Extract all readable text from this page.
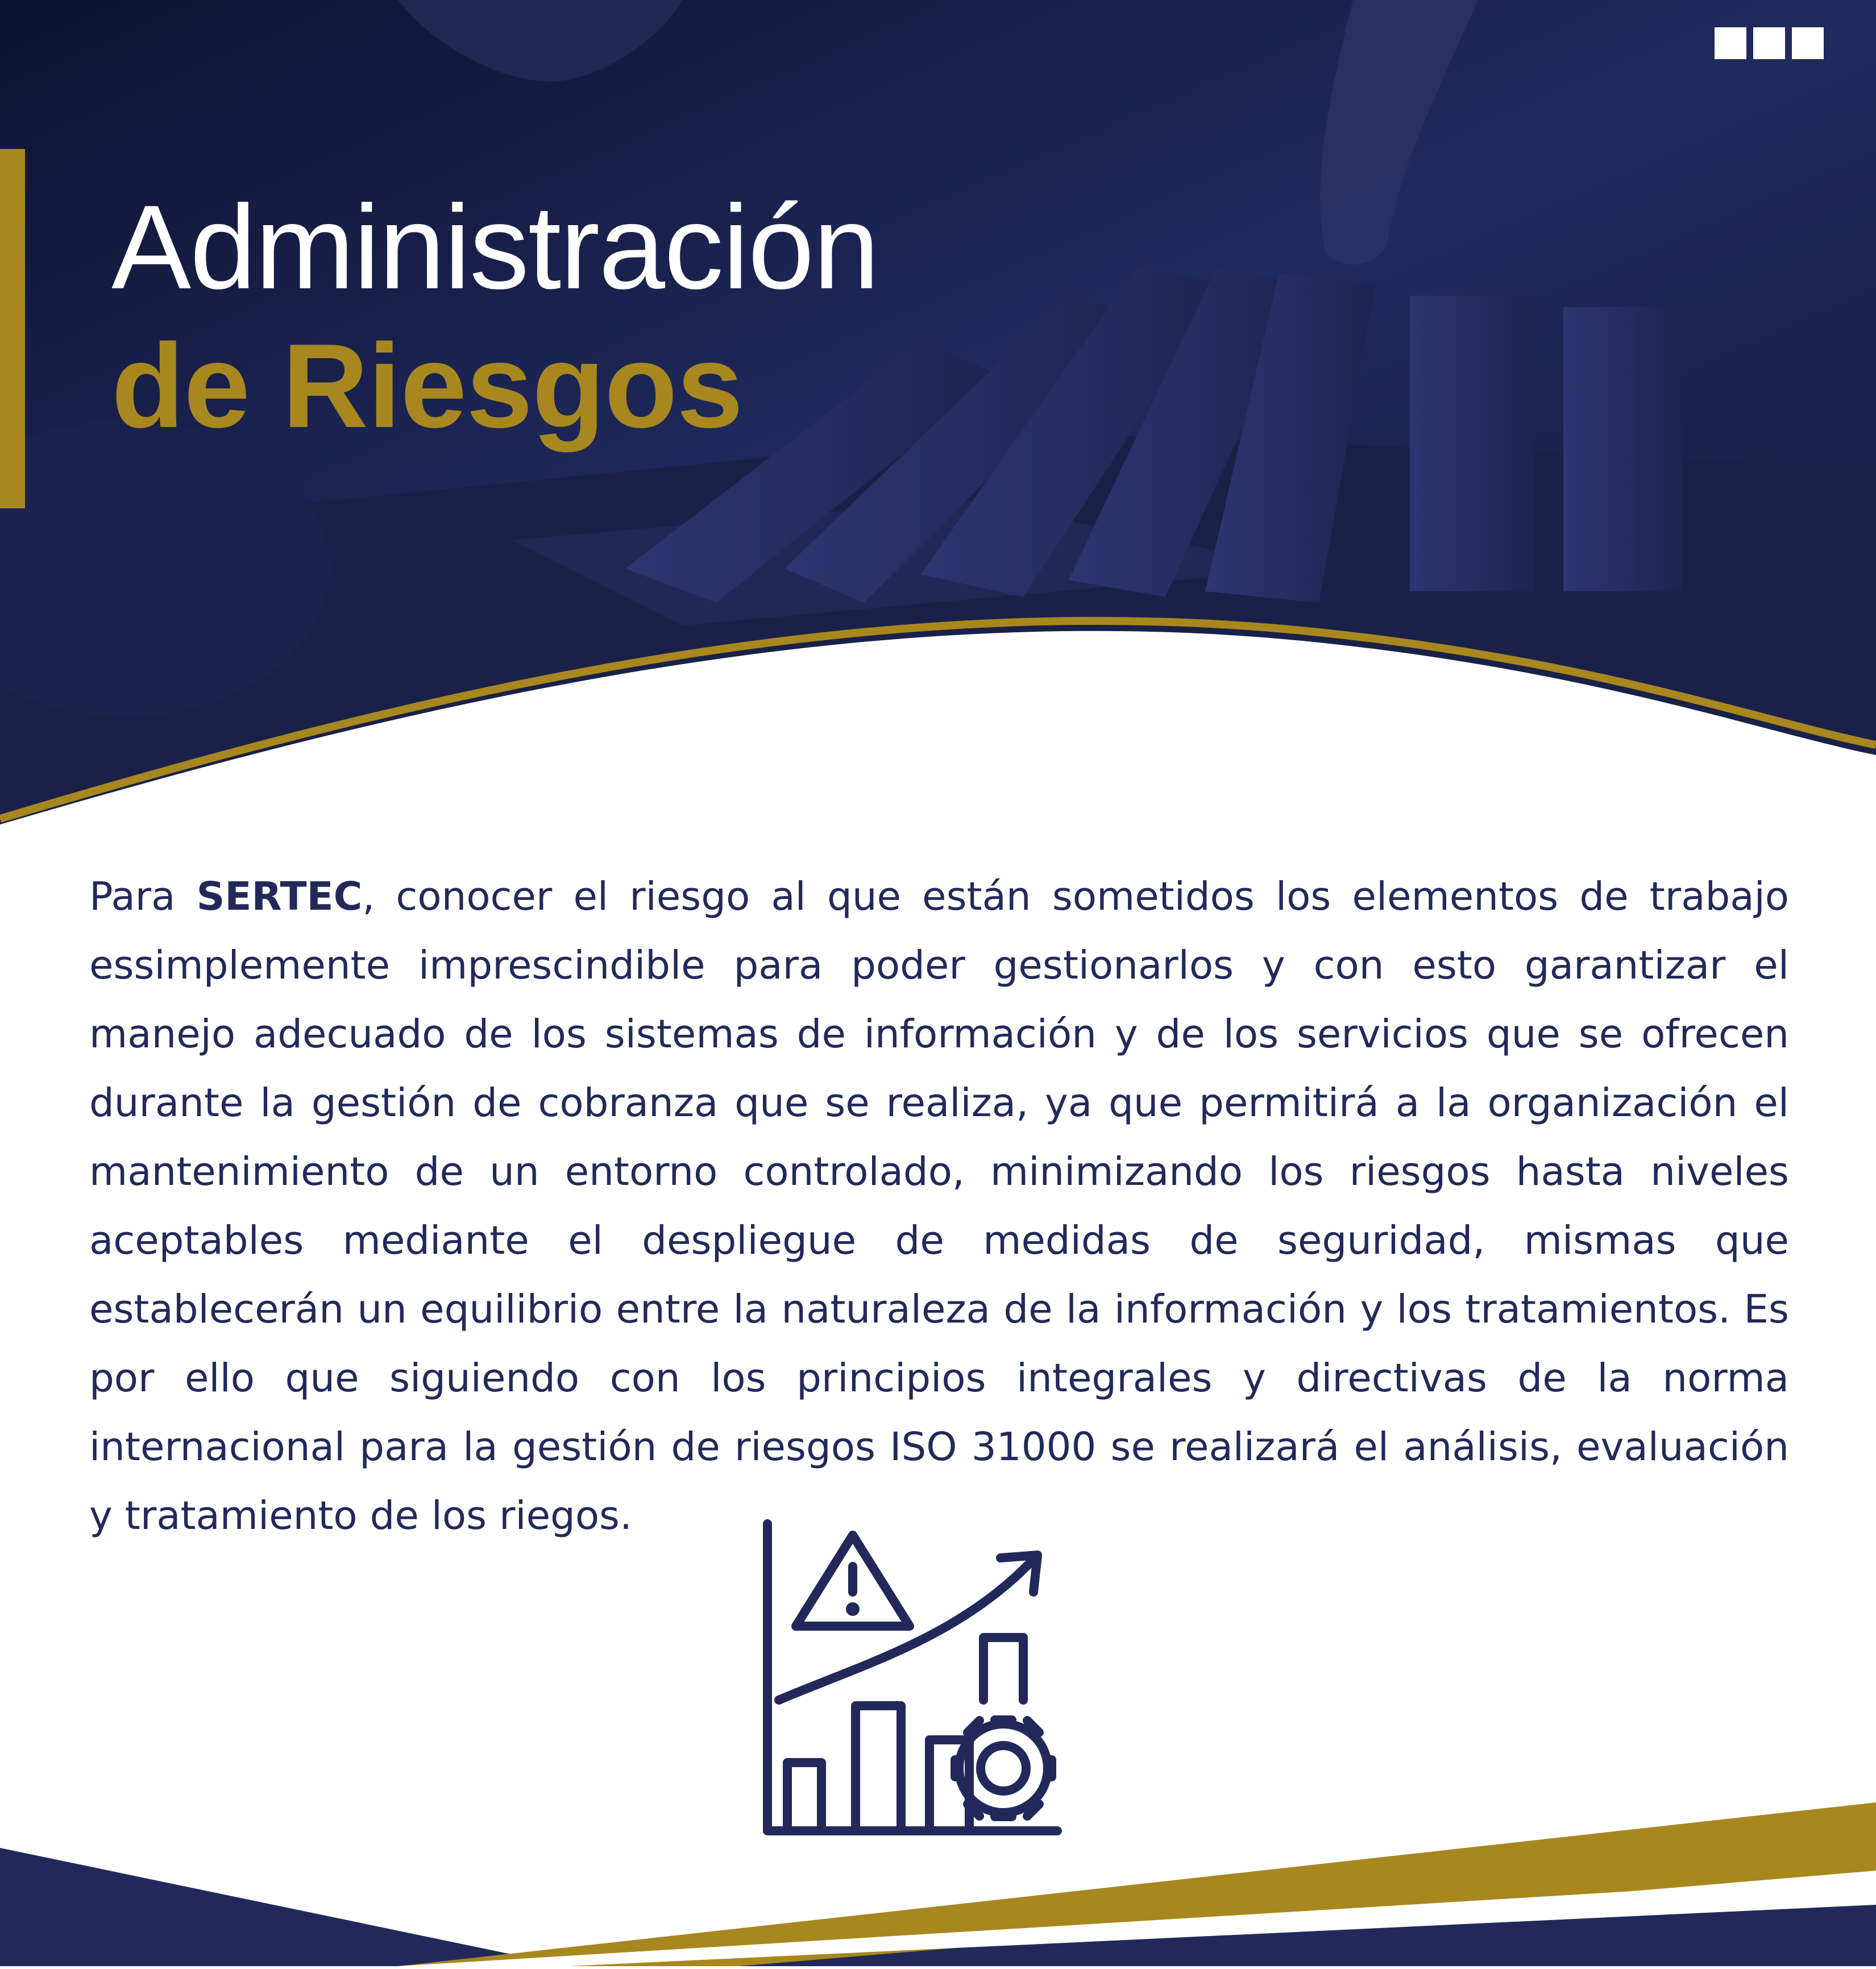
Administración
de Riesgos

Para SERTEC, conocer el riesgo al que están sometidos los elementos de trabajo essimplemente imprescindible para poder gestionarlos y con esto garantizar el manejo adecuado de los sistemas de información y de los servicios que se ofrecen durante la gestión de cobranza que se realiza, ya que permitirá a la organización el mantenimiento de un entorno controlado, minimizando los riesgos hasta niveles aceptables mediante el despliegue de medidas de seguridad, mismas que establecerán un equilibrio entre la naturaleza de la información y los tratamientos. Es por ello que siguiendo con los principios integrales y directivas de la norma internacional para la gestión de riesgos ISO 31000 se realizará el análisis, evaluación y tratamiento de los riegos.
